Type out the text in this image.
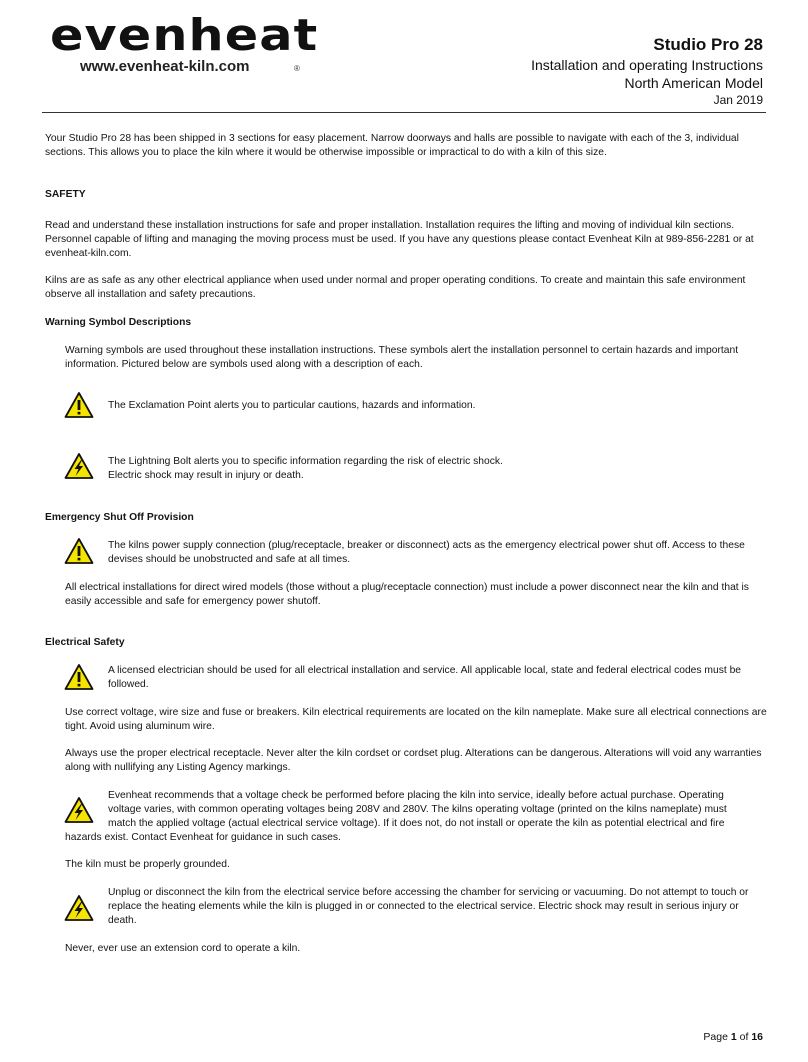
evenheat
www.evenheat-kiln.com	®
Studio Pro 28
Installation and operating Instructions
North American Model
Jan 2019

Your Studio Pro 28 has been shipped in 3 sections for easy placement. Narrow doorways and halls are possible to navigate with each of the 3, individual sections. This allows you to place the kiln where it would be otherwise impossible or impractical to do with a kiln of this size.

SAFETY

Read and understand these installation instructions for safe and proper installation. Installation requires the lifting and moving of individual kiln sections. Personnel capable of lifting and managing the moving process must be used. If you have any questions please contact Evenheat Kiln at 989-856-2281 or at evenheat-kiln.com.

Kilns are as safe as any other electrical appliance when used under normal and proper operating conditions. To create and maintain this safe environment observe all installation and safety precautions.

Warning Symbol Descriptions

Warning symbols are used throughout these installation instructions. These symbols alert the installation personnel to certain hazards and important information. Pictured below are symbols used along with a description of each.

The Exclamation Point alerts you to particular cautions, hazards and information.

The Lightning Bolt alerts you to specific information regarding the risk of electric shock.

Electric shock may result in injury or death.

Emergency Shut Off Provision

The kilns power supply connection (plug/receptacle, breaker or disconnect) acts as the emergency electrical power shut off. Access to these devises should be unobstructed and safe at all times.

All electrical installations for direct wired models (those without a plug/receptacle connection) must include a power disconnect near the kiln and that is easily accessible and safe for emergency power shutoff.

Electrical Safety

A licensed electrician should be used for all electrical installation and service. All applicable local, state and federal electrical codes must be followed.

Use correct voltage, wire size and fuse or breakers. Kiln electrical requirements are located on the kiln nameplate. Make sure all electrical connections are tight. Avoid using aluminum wire.

Always use the proper electrical receptacle. Never alter the kiln cordset or cordset plug. Alterations can be dangerous. Alterations will void any warranties along with nullifying any Listing Agency markings.

Evenheat recommends that a voltage check be performed before placing the kiln into service, ideally before actual purchase. Operating

voltage varies, with common operating voltages being 208V and 280V. The kilns operating voltage (printed on the kilns nameplate) must

match the applied voltage (actual electrical service voltage). If it does not, do not install or operate the kiln as potential electrical and fire

hazards exist. Contact Evenheat for guidance in such cases.

The kiln must be properly grounded.

Unplug or disconnect the kiln from the electrical service before accessing the chamber for servicing or vacuuming. Do not attempt to touch or replace the heating elements while the kiln is plugged in or connected to the electrical service. Electric shock may result in serious injury or death.

Never, ever use an extension cord to operate a kiln.

Page 1 of 16
